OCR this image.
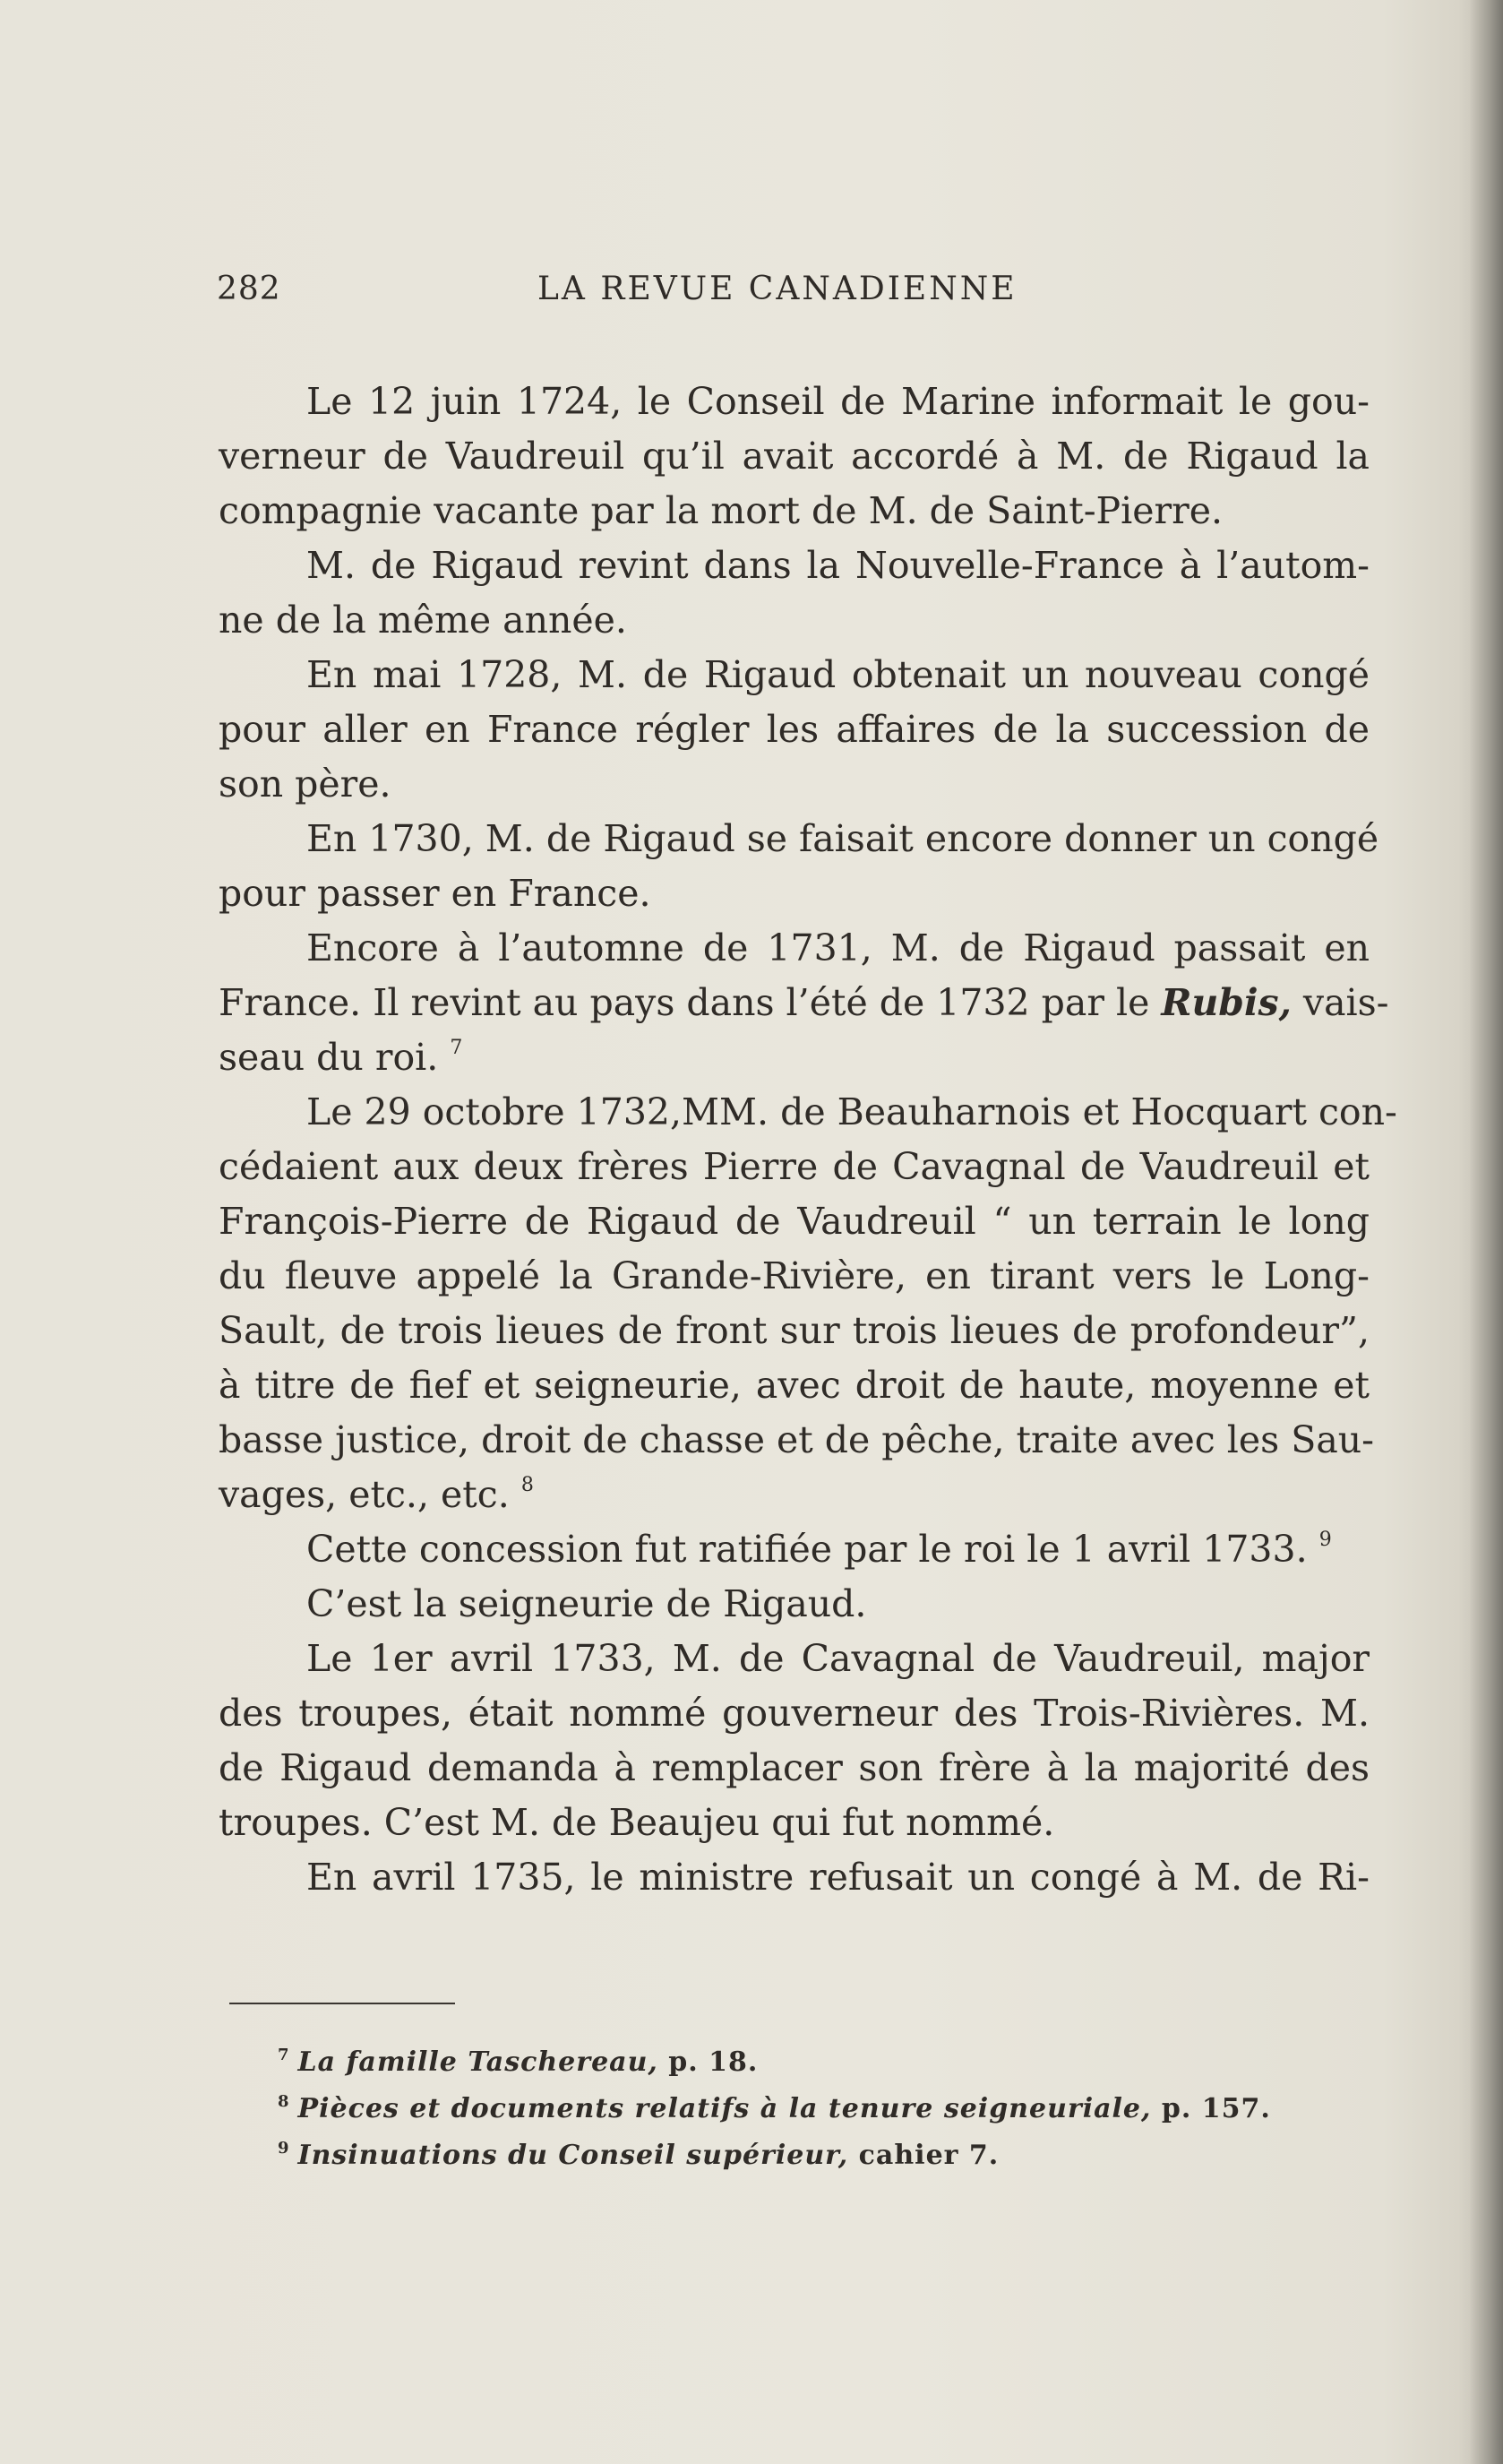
282	LA REVUE CANADIENNE
Le 12 juin 1724, le Conseil de Marine informait le gou-
verneur de Vaudreuil qu’il avait accordé à M. de Rigaud la
compagnie vacante par la mort de M. de Saint-Pierre.
M. de Rigaud revint dans la Nouvelle-France à l’autom-
ne de la même année.
En mai 1728, M. de Rigaud obtenait un nouveau congé
pour aller en France régler les affaires de la succession de
son père.
En 1730, M. de Rigaud se faisait encore donner un congé
pour passer en France.
Encore à l’automne de 1731, M. de Rigaud passait en
France. Il revint au pays dans l’été de 1732 par le Rubis, vais-
seau du roi. $^7$
Le 29 octobre 1732,MM. de Beauharnois et Hocquart con-
cédaient aux deux frères Pierre de Cavagnal de Vaudreuil et
François-Pierre de Rigaud de Vaudreuil “ un terrain le long
du fleuve appelé la Grande-Rivière, en tirant vers le Long-
Sault, de trois lieues de front sur trois lieues de profondeur”,
à titre de fief et seigneurie, avec droit de haute, moyenne et
basse justice, droit de chasse et de pêche, traite avec les Sau-
vages, etc., etc. $^8$
Cette concession fut ratifiée par le roi le 1 avril 1733. $^9$
C’est la seigneurie de Rigaud.
Le 1er avril 1733, M. de Cavagnal de Vaudreuil, major
des troupes, était nommé gouverneur des Trois-Rivières. M.
de Rigaud demanda à remplacer son frère à la majorité des
troupes. C’est M. de Beaujeu qui fut nommé.
En avril 1735, le ministre refusait un congé à M. de Ri-
$^7$ La famille Taschereau, p. 18.
$^8$ Pièces et documents relatifs à la tenure seigneuriale, p. 157.
$^9$ Insinuations du Conseil supérieur, cahier 7.
